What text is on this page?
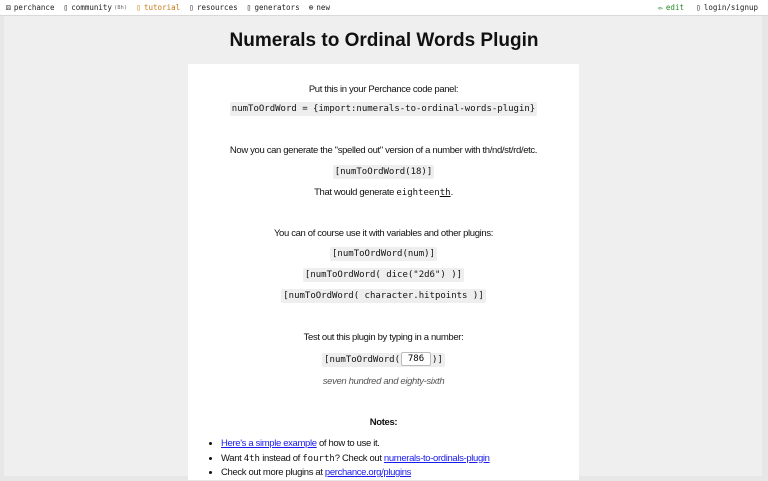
⚄ perchance ▯ community (8h) ▯ tutorial ▯ resources ▯ generators ⊕ new	✏ edit ▯ login/signup
Numerals to Ordinal Words Plugin
Put this in your Perchance code panel:
numToOrdWord = {import:numerals-to-ordinal-words-plugin}
Now you can generate the "spelled out" version of a number with th/nd/st/rd/etc.
[numToOrdWord(18)]
That would generate eighteenth.
You can of course use it with variables and other plugins:
[numToOrdWord(num)]
[numToOrdWord( dice("2d6") )]
[numToOrdWord( character.hitpoints )]
Test out this plugin by typing in a number:
[numToOrdWord(786	)]
seven hundred and eighty-sixth
Notes:
• Here's a simple example of how to use it.
• Want 4th instead of fourth? Check out numerals-to-ordinals-plugin
• Check out more plugins at perchance.org/plugins
